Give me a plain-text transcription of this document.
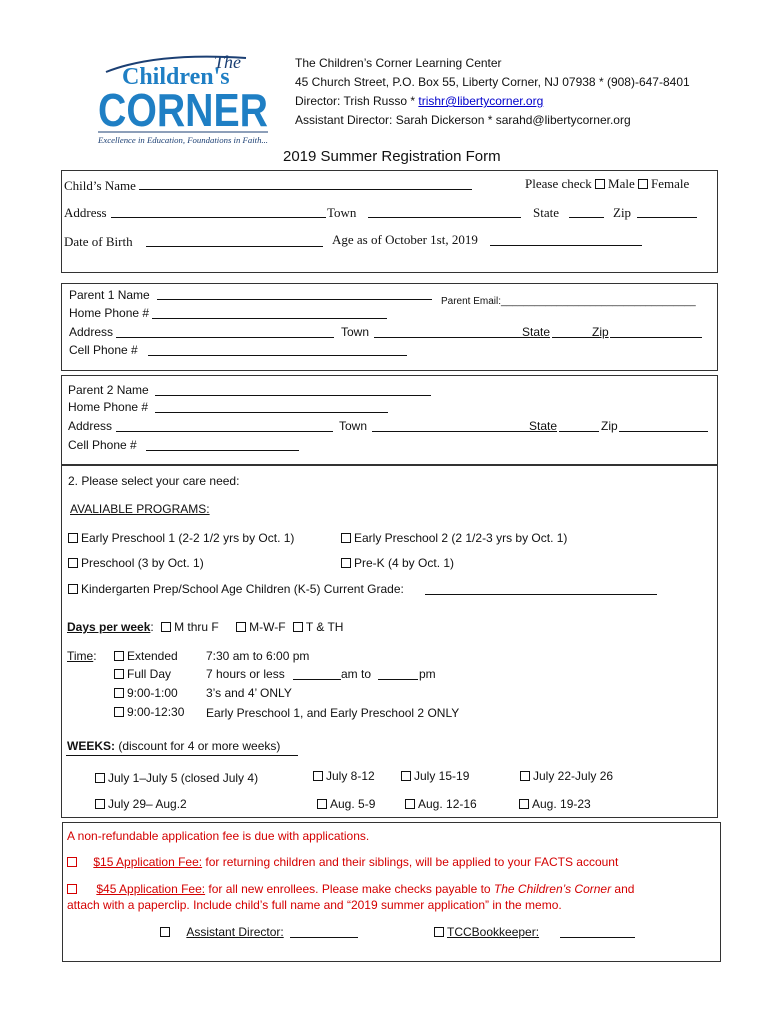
The
Children's
CORNER
Excellence in Education, Foundations in Faith...
The Children’s Corner Learning Center
45 Church Street, P.O. Box 55, Liberty Corner, NJ 07938 * (908)-647-8401
Director: Trish Russo * trishr@libertycorner.org
Assistant Director: Sarah Dickerson * sarahd@libertycorner.org
2019 Summer Registration Form
Child’s Name	Please check Male Female
Address	Town	State	Zip
Date of Birth	Age as of October 1st, 2019
Parent 1 Name	Parent Email:___________________________________
Home Phone #
Address	Town	State	Zip
Cell Phone #
Parent 2 Name
Home Phone #
Address	Town	State	Zip
Cell Phone #
2. Please select your care need:
AVALIABLE PROGRAMS:
Early Preschool 1 (2-2 1/2 yrs by Oct. 1)	Early Preschool 2 (2 1/2-3 yrs by Oct. 1)
Preschool (3 by Oct. 1)	Pre-K (4 by Oct. 1)
Kindergarten Prep/School Age Children (K-5) Current Grade:
Days per week: M thru F	M-W-F T & TH
Time:	Extended 7:30 am to 6:00 pm
Full Day	7 hours or less	am to	pm
9:00-1:00 3’s and 4’ ONLY
9:00-12:30 Early Preschool 1, and Early Preschool 2 ONLY
WEEKS: (discount for 4 or more weeks)
July 1–July 5 (closed July 4)	July 8-12	July 15-19	July 22-July 26
July 29– Aug.2	Aug. 5-9	Aug. 12-16	Aug. 19-23
A non-refundable application fee is due with applications.
$15 Application Fee: for returning children and their siblings, will be applied to your FACTS account
$45 Application Fee: for all new enrollees. Please make checks payable to The Children’s Corner and
attach with a paperclip. Include child’s full name and “2019 summer application” in the memo.
Assistant Director:	TCCBookkeeper:
